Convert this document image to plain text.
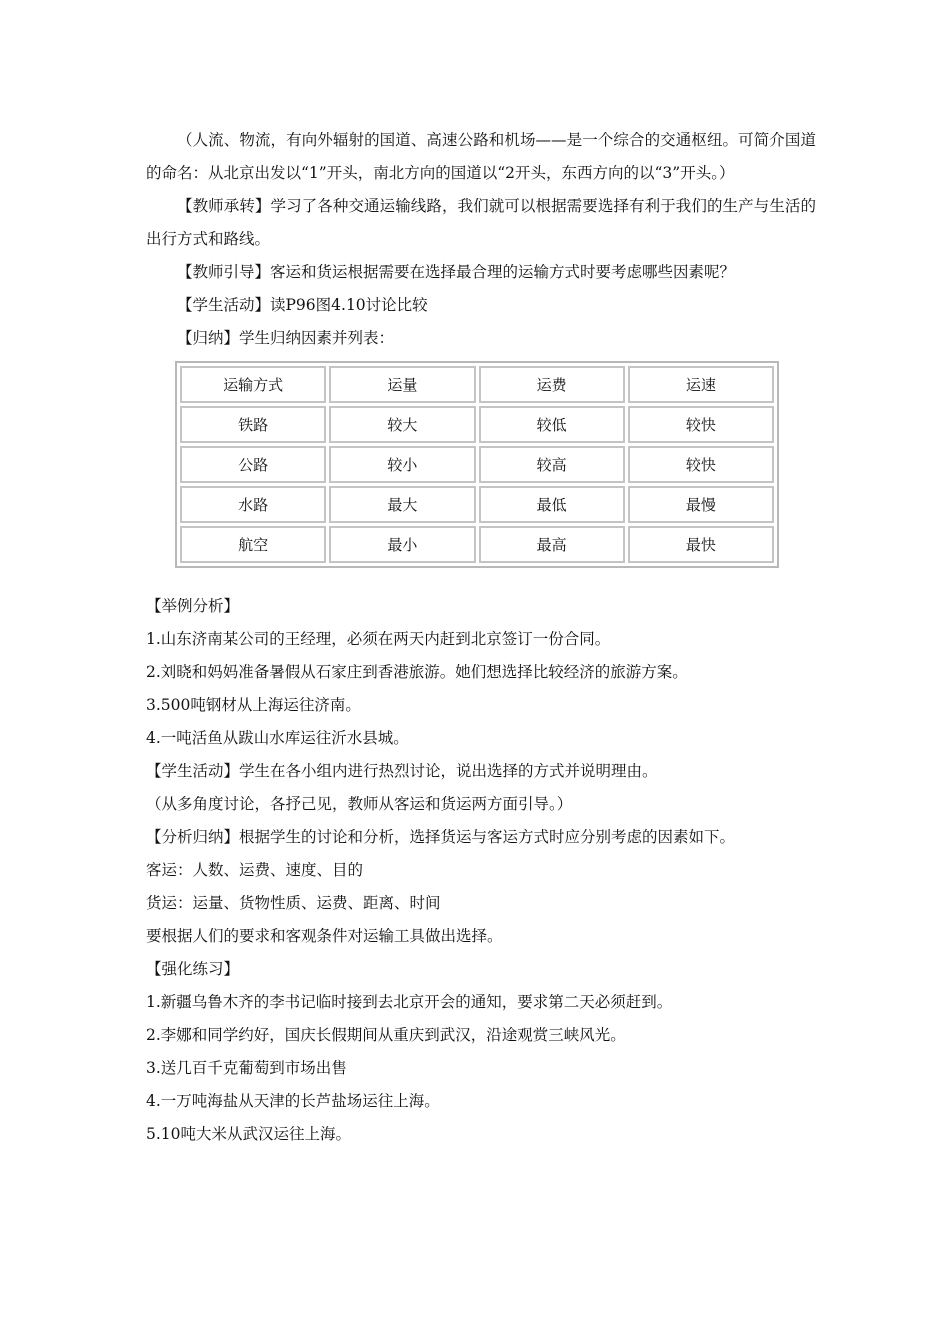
（人流、物流，有向外辐射的国道、高速公路和机场——是一个综合的交通枢纽。可简介国道的命名：从北京出发以“1”开头，南北方向的国道以“2开头，东西方向的以“3”开头。）

【教师承转】学习了各种交通运输线路，我们就可以根据需要选择有利于我们的生产与生活的出行方式和路线。

【教师引导】客运和货运根据需要在选择最合理的运输方式时要考虑哪些因素呢？

【学生活动】读P96图4.10讨论比较

【归纳】学生归纳因素并列表：

运输方式	运量	运费	运速
铁路	较大	较低	较快
公路	较小	较高	较快
水路	最大	最低	最慢
航空	最小	最高	最快

【举例分析】

1.山东济南某公司的王经理，必须在两天内赶到北京签订一份合同。

2.刘晓和妈妈准备暑假从石家庄到香港旅游。她们想选择比较经济的旅游方案。

3.500吨钢材从上海运往济南。

4.一吨活鱼从跋山水库运往沂水县城。

【学生活动】学生在各小组内进行热烈讨论，说出选择的方式并说明理由。

（从多角度讨论，各抒己见，教师从客运和货运两方面引导。）

【分析归纳】根据学生的讨论和分析，选择货运与客运方式时应分别考虑的因素如下。

客运：人数、运费、速度、目的

货运：运量、货物性质、运费、距离、时间

要根据人们的要求和客观条件对运输工具做出选择。

【强化练习】

1.新疆乌鲁木齐的李书记临时接到去北京开会的通知，要求第二天必须赶到。

2.李娜和同学约好，国庆长假期间从重庆到武汉，沿途观赏三峡风光。

3.送几百千克葡萄到市场出售

4.一万吨海盐从天津的长芦盐场运往上海。

5.10吨大米从武汉运往上海。
